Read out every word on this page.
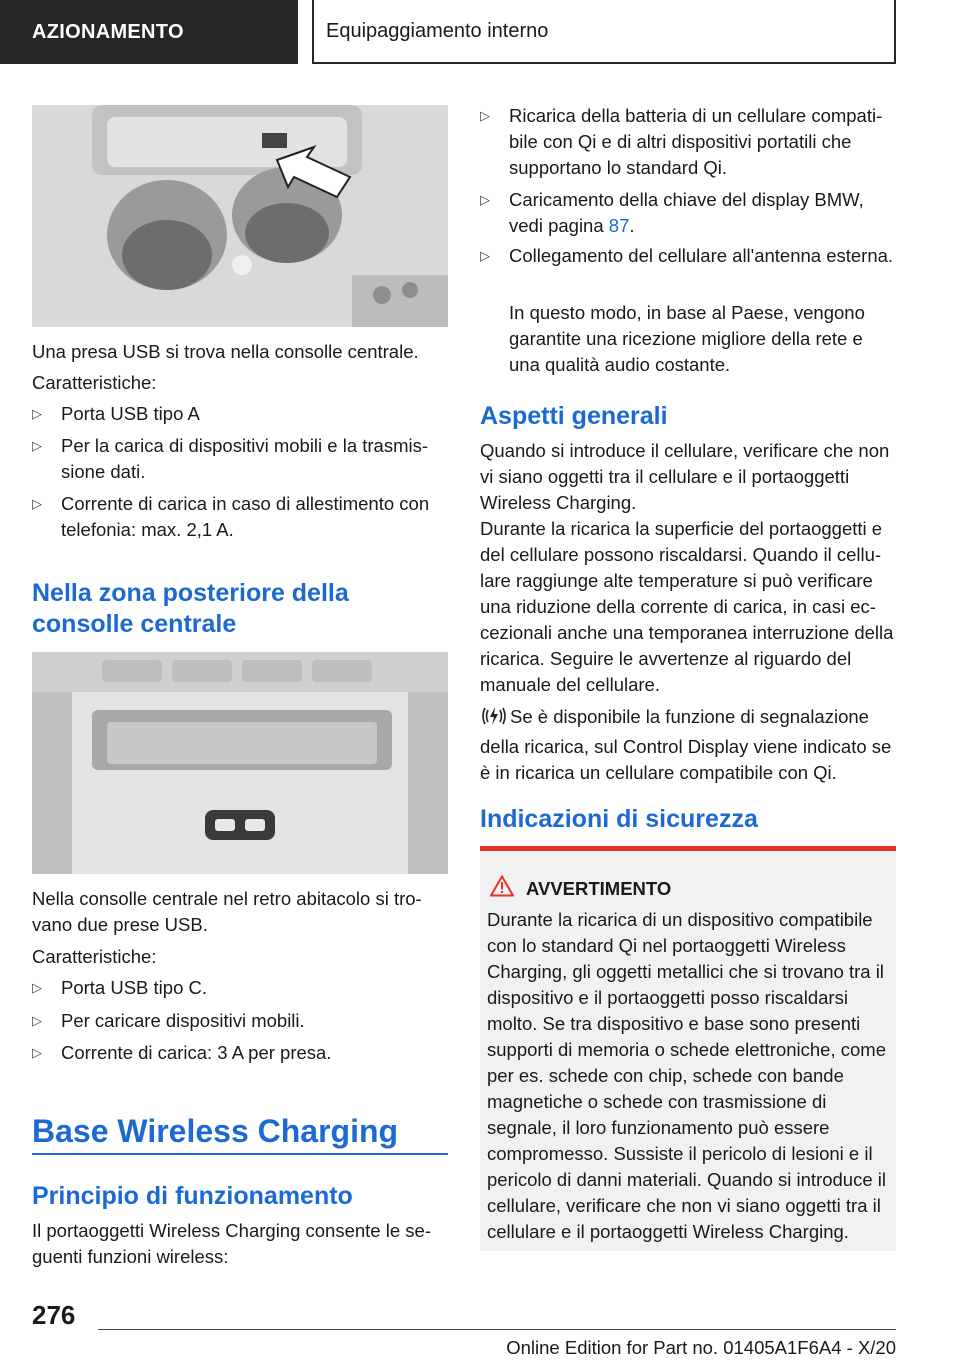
AZIONAMENTO	Equipaggiamento interno
Una presa USB si trova nella consolle centrale.
Caratteristiche:
▷ Porta USB tipo A
▷ Per la carica di dispositivi mobili e la trasmis-sione dati.
▷ Corrente di carica in caso di allestimento con telefonia: max. 2,1 A.
Nella zona posteriore della
consolle centrale
Nella consolle centrale nel retro abitacolo si tro-vano due prese USB.
Caratteristiche:
▷ Porta USB tipo C.
▷ Per caricare dispositivi mobili.
▷ Corrente di carica: 3 A per presa.
Base Wireless Charging
Principio di funzionamento
Il portaoggetti Wireless Charging consente le se-guenti funzioni wireless:
▷ Ricarica della batteria di un cellulare compati-bile con Qi e di altri dispositivi portatili che supportano lo standard Qi.
▷ Caricamento della chiave del display BMW, vedi pagina 87.
▷ Collegamento del cellulare all'antenna esterna.
In questo modo, in base al Paese, vengono garantite una ricezione migliore della rete e una qualità audio costante.
Aspetti generali
Quando si introduce il cellulare, verificare che non vi siano oggetti tra il cellulare e il portaoggetti Wireless Charging.
Durante la ricarica la superficie del portaoggetti e del cellulare possono riscaldarsi. Quando il cellu-lare raggiunge alte temperature si può verificare una riduzione della corrente di carica, in casi ec-cezionali anche una temporanea interruzione della ricarica. Seguire le avvertenze al riguardo del manuale del cellulare.
Se è disponibile la funzione di segnalazione della ricarica, sul Control Display viene indicato se è in ricarica un cellulare compatibile con Qi.
Indicazioni di sicurezza
AVVERTIMENTO
Durante la ricarica di un dispositivo compatibile con lo standard Qi nel portaoggetti Wireless Charging, gli oggetti metallici che si trovano tra il dispositivo e il portaoggetti posso riscaldarsi molto. Se tra dispositivo e base sono presenti supporti di memoria o schede elettroniche, come per es. schede con chip, schede con bande magnetiche o schede con trasmissione di segnale, il loro funzionamento può essere compromesso. Sussiste il pericolo di lesioni e il pericolo di danni materiali. Quando si introduce il cellulare, verificare che non vi siano oggetti tra il cellulare e il portaoggetti Wireless Charging.
276
Online Edition for Part no. 01405A1F6A4 - X/20
